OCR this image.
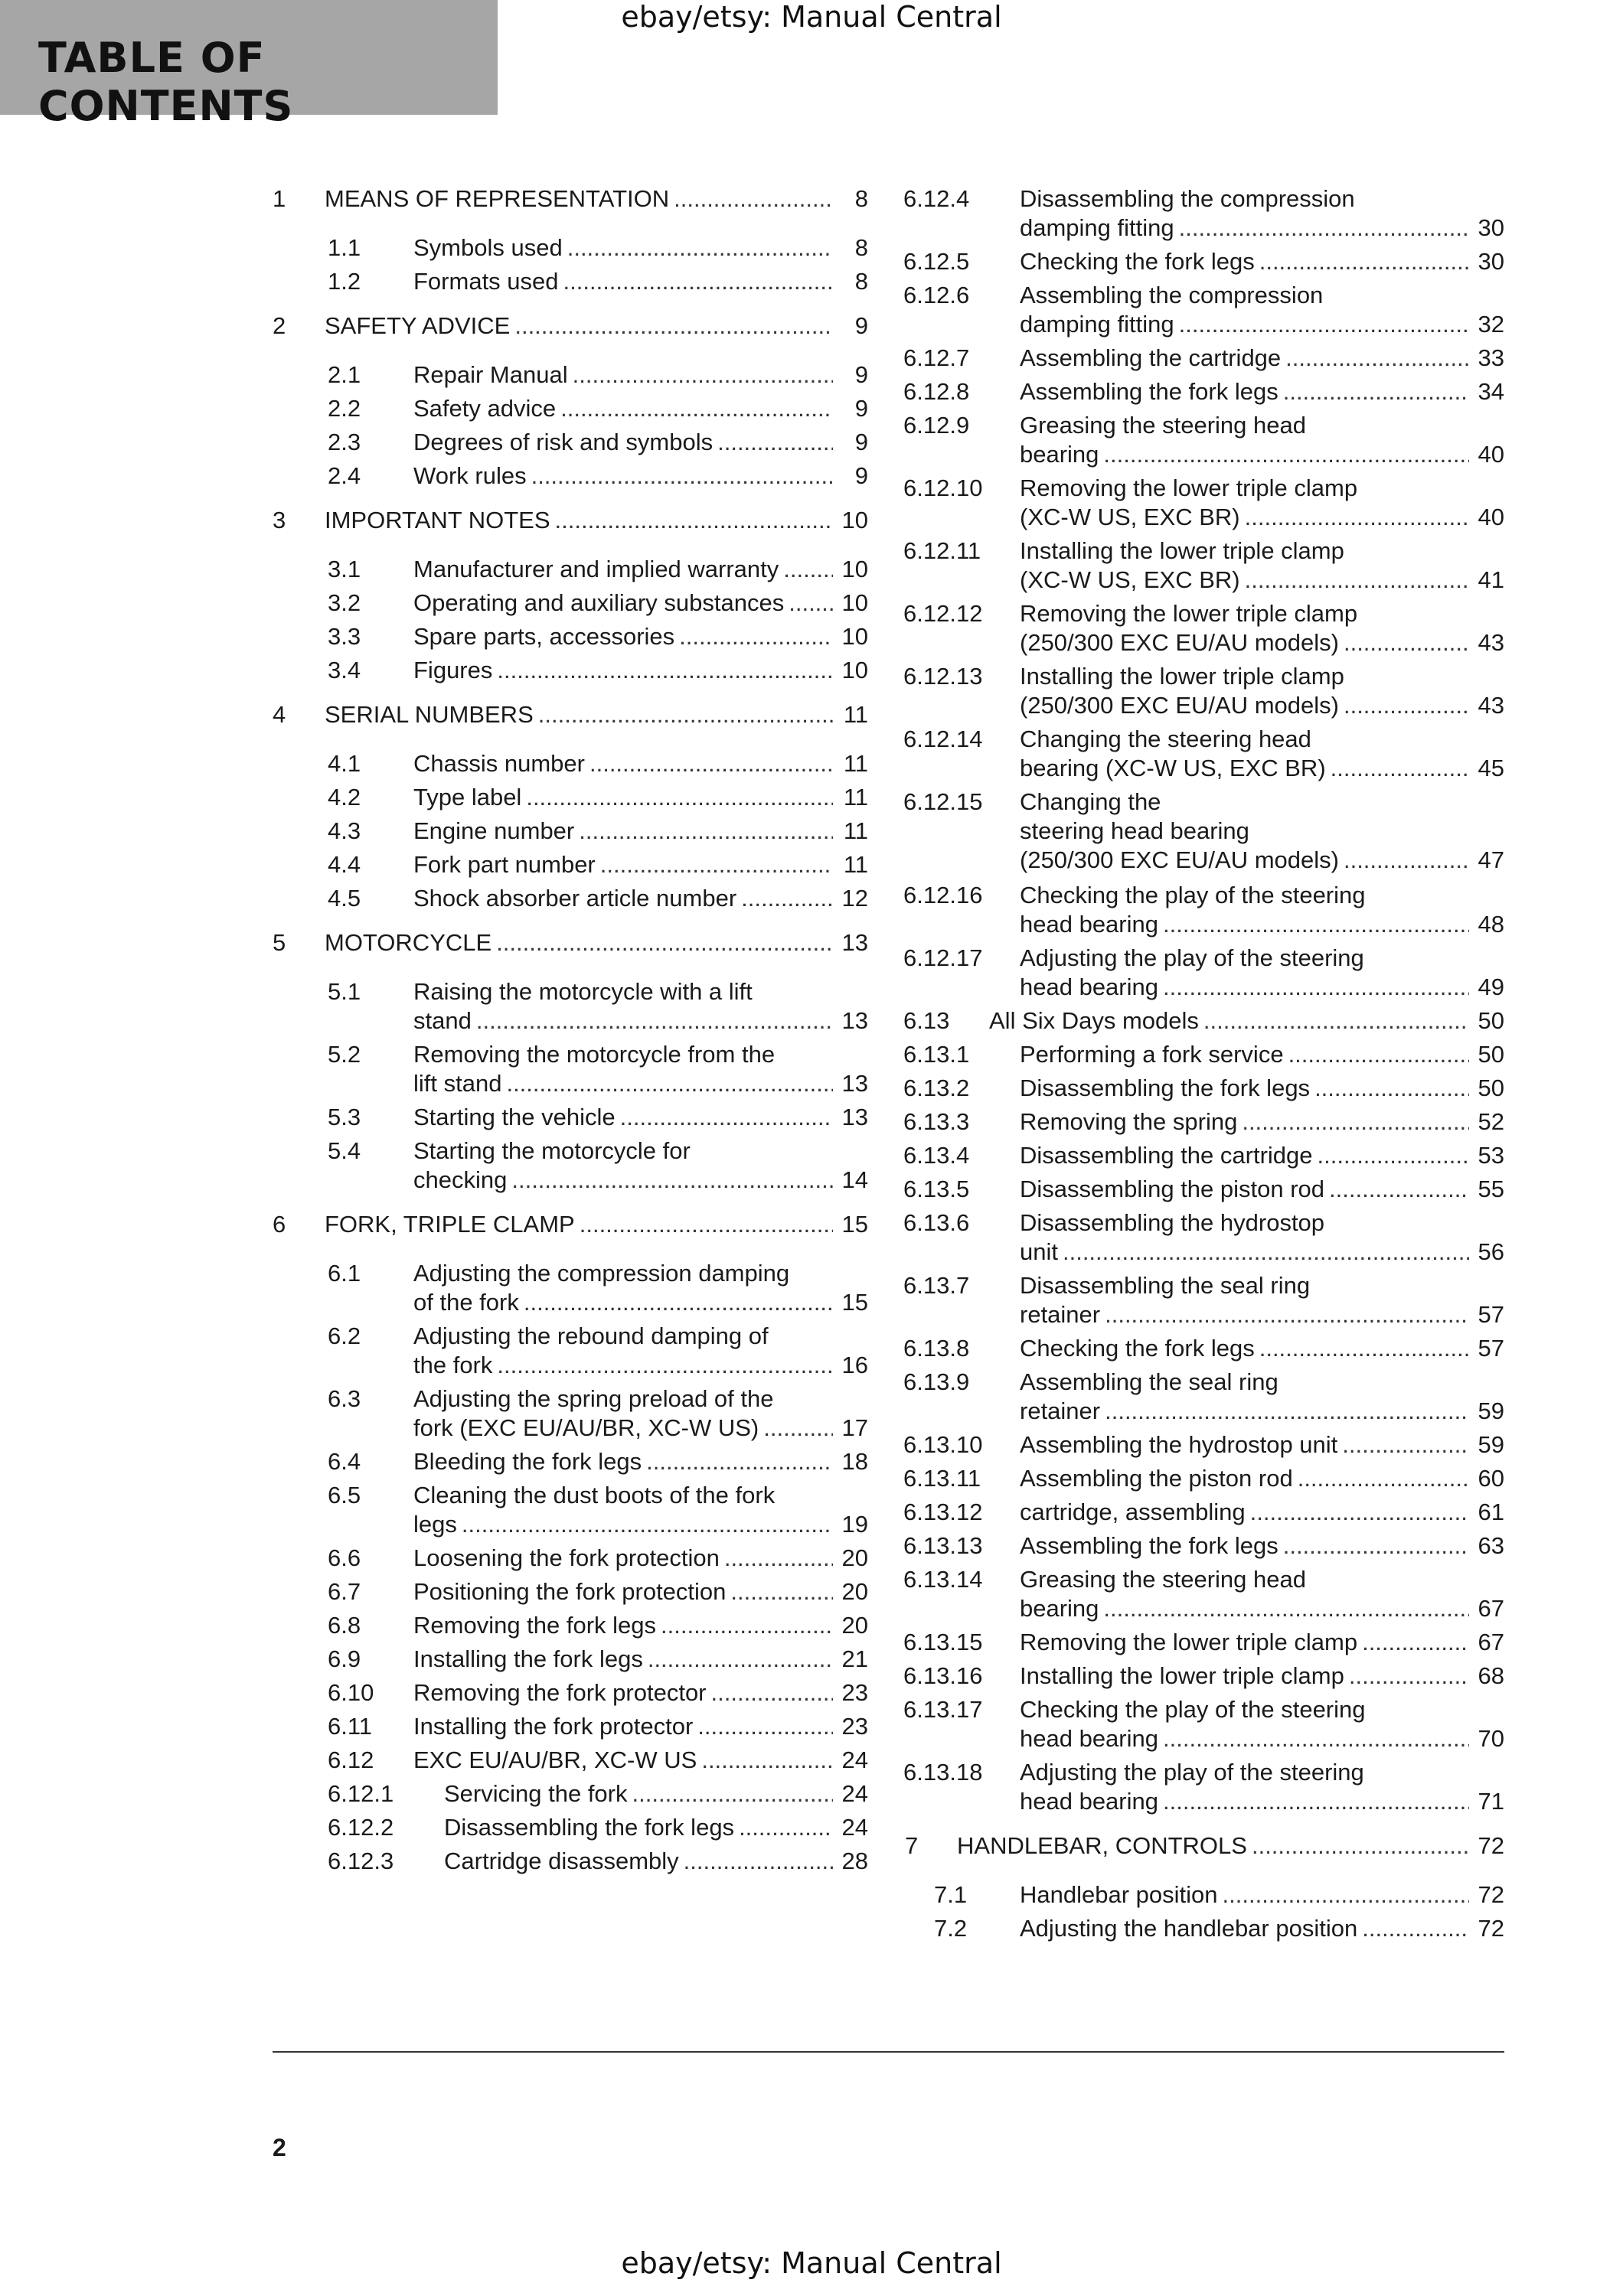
ebay/etsy: Manual Central
TABLE OF CONTENTS
1 MEANS OF REPRESENTATION .....	8
1.1 Symbols used .....	8
1.2 Formats used .....	8
2 SAFETY ADVICE .....	9
2.1 Repair Manual .....	9
2.2 Safety advice .....	9
2.3 Degrees of risk and symbols .....	9
2.4 Work rules .....	9
3 IMPORTANT NOTES .....	10
3.1 Manufacturer and implied warranty .....	10
3.2 Operating and auxiliary substances ..... 10
3.3 Spare parts, accessories .....	10
3.4 Figures .....	10
4 SERIAL NUMBERS .....	11
4.1 Chassis number .....	11
4.2 Type label .....	11
4.3 Engine number .....	11
4.4 Fork part number .....	11
4.5 Shock absorber article number .....	12
5 MOTORCYCLE .....	13
5.1 Raising the motorcycle with a lift
stand .....	13
5.2 Removing the motorcycle from the
lift stand .....	13
5.3 Starting the vehicle .....	13
5.4 Starting the motorcycle for
checking .....	14
6 FORK, TRIPLE CLAMP .....	15
6.1 Adjusting the compression damping
of the fork .....	15
6.2 Adjusting the rebound damping of
the fork .....	16
6.3 Adjusting the spring preload of the
fork (EXC EU/AU/BR, XC-W US) .....	17
6.4 Bleeding the fork legs .....	18
6.5 Cleaning the dust boots of the fork
legs .....	19
6.6 Loosening the fork protection .....	20
6.7 Positioning the fork protection .....	20
6.8 Removing the fork legs .....	20
6.9 Installing the fork legs .....	21
6.10 Removing the fork protector .....	23
6.11 Installing the fork protector .....	23
6.12 EXC EU/AU/BR, XC-W US .....	24
6.12.1 Servicing the fork .....	24
6.12.2 Disassembling the fork legs .....	24
6.12.3 Cartridge disassembly .....	28
6.12.4 Disassembling the compression
damping fitting .....	30
6.12.5 Checking the fork legs .....	30
6.12.6 Assembling the compression
damping fitting .....	32
6.12.7 Assembling the cartridge .....	33
6.12.8 Assembling the fork legs .....	34
6.12.9 Greasing the steering head
bearing .....	40
6.12.10 Removing the lower triple clamp
(XC-W US, EXC BR) .....	40
6.12.11 Installing the lower triple clamp
(XC-W US, EXC BR) .....	41
6.12.12 Removing the lower triple clamp
(250/300 EXC EU/AU models) .....	43
6.12.13 Installing the lower triple clamp
(250/300 EXC EU/AU models) .....	43
6.12.14 Changing the steering head
bearing (XC-W US, EXC BR) .....	45
6.12.15 Changing the
steering head bearing
(250/300 EXC EU/AU models) .....	47
6.12.16 Checking the play of the steering
head bearing .....	48
6.12.17 Adjusting the play of the steering
head bearing .....	49
6.13 All Six Days models .....	50
6.13.1 Performing a fork service .....	50
6.13.2 Disassembling the fork legs .....	50
6.13.3 Removing the spring .....	52
6.13.4 Disassembling the cartridge .....	53
6.13.5 Disassembling the piston rod .....	55
6.13.6 Disassembling the hydrostop
unit .....	56
6.13.7 Disassembling the seal ring
retainer .....	57
6.13.8 Checking the fork legs .....	57
6.13.9 Assembling the seal ring
retainer .....	59
6.13.10 Assembling the hydrostop unit .....	59
6.13.11 Assembling the piston rod .....	60
6.13.12 cartridge, assembling .....	61
6.13.13 Assembling the fork legs .....	63
6.13.14 Greasing the steering head
bearing .....	67
6.13.15 Removing the lower triple clamp .....	67
6.13.16 Installing the lower triple clamp .....	68
6.13.17 Checking the play of the steering
head bearing .....	70
6.13.18 Adjusting the play of the steering
head bearing .....	71
7 HANDLEBAR, CONTROLS .....	72
7.1 Handlebar position .....	72
7.2 Adjusting the handlebar position .....	72
2
ebay/etsy: Manual Central
